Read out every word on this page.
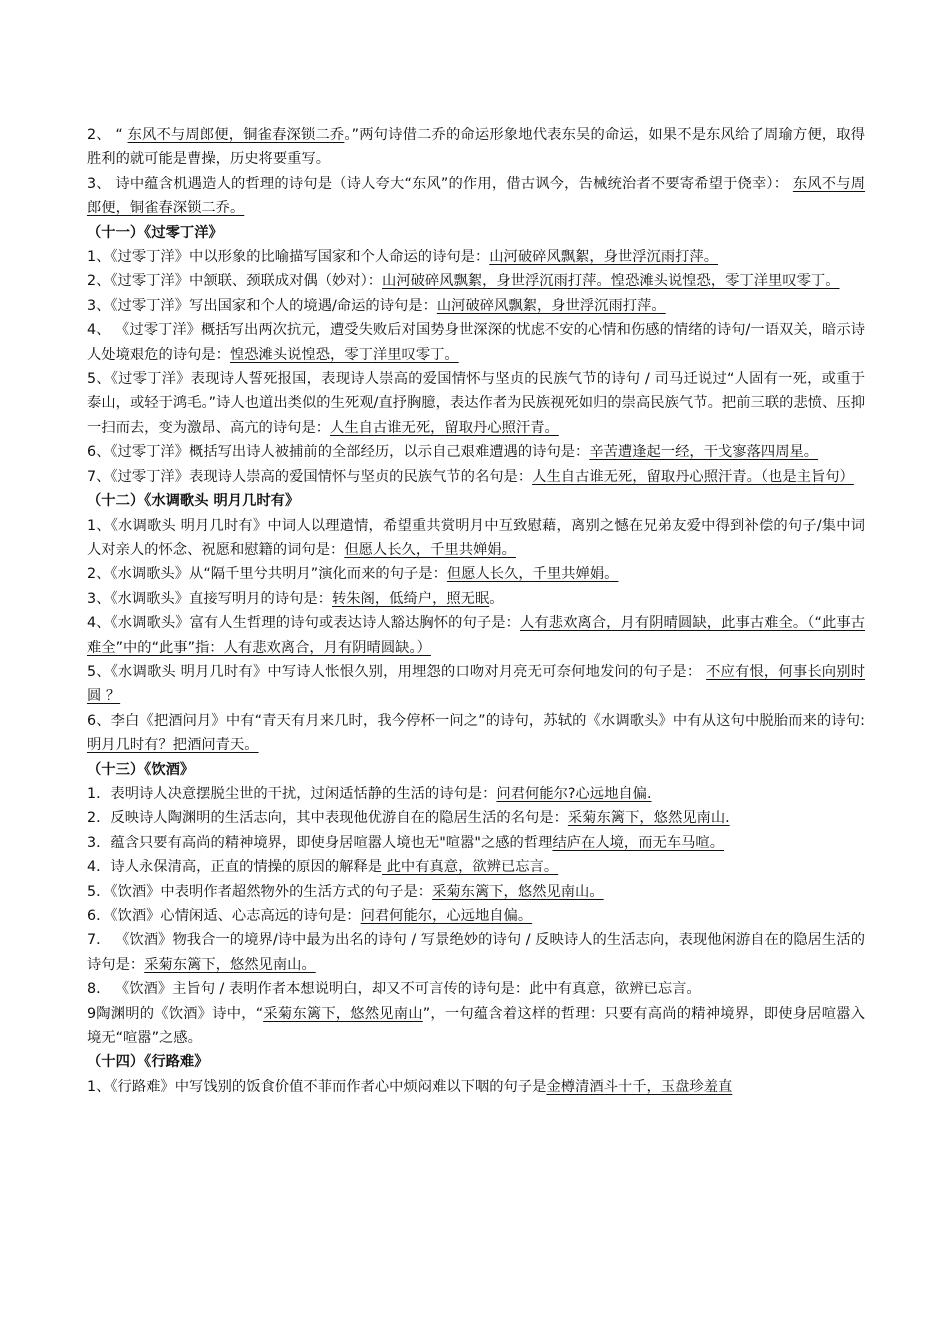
2、 “ 东风不与周郎便，铜雀春深锁二乔。”两句诗借二乔的命运形象地代表东吴的命运，如果不是东风给了周瑜方便，取得胜利的就可能是曹操，历史将要重写。

3、 诗中蕴含机遇造人的哲理的诗句是（诗人夸大“东风”的作用，借古讽今，告械统治者不要寄希望于侥幸）： 东风不与周郎便，铜雀春深锁二乔。

（十一）《过零丁洋》

1、《过零丁洋》中以形象的比喻描写国家和个人命运的诗句是：山河破碎风飘絮，身世浮沉雨打萍。

2、《过零丁洋》中颔联、颈联成对偶（妙对）：山河破碎风飘絮，身世浮沉雨打萍。惶恐滩头说惶恐，零丁洋里叹零丁。

3、《过零丁洋》写出国家和个人的境遇/命运的诗句是：山河破碎风飘絮，身世浮沉雨打萍。

4、 《过零丁洋》概括写出两次抗元，遭受失败后对国势身世深深的忧虑不安的心情和伤感的情绪的诗句/一语双关，暗示诗人处境艰危的诗句是：惶恐滩头说惶恐，零丁洋里叹零丁。

5、《过零丁洋》表现诗人誓死报国，表现诗人崇高的爱国情怀与坚贞的民族气节的诗句 / 司马迁说过“人固有一死，或重于泰山，或轻于鸿毛。”诗人也道出类似的生死观/直抒胸臆，表达作者为民族视死如归的崇高民族气节。把前三联的悲愤、压抑一扫而去，变为激昂、高亢的诗句是：人生自古谁无死，留取丹心照汗青。

6、《过零丁洋》概括写出诗人被捕前的全部经历，以示自己艰难遭遇的诗句是：辛苦遭逢起一经，干戈寥落四周星。

7、《过零丁洋》表现诗人崇高的爱国情怀与坚贞的民族气节的名句是：人生自古谁无死，留取丹心照汗青。（也是主旨句）

（十二）《水调歌头 明月几时有》

1、《水调歌头 明月几时有》中词人以理遣情，希望重共赏明月中互致慰藉，离别之憾在兄弟友爱中得到补偿的句子/集中词人对亲人的怀念、祝愿和慰籍的词句是：但愿人长久，千里共婵娟。

2、《水调歌头》从“隔千里兮共明月”演化而来的句子是：但愿人长久，千里共婵娟。

3、《水调歌头》直接写明月的诗句是：转朱阁，低绮户，照无眠。

4、《水调歌头》富有人生哲理的诗句或表达诗人豁达胸怀的句子是：人有悲欢离合，月有阴晴圆缺，此事古难全。（“此事古难全”中的“此事”指：人有悲欢离合，月有阴晴圆缺。）

5、《水调歌头 明月几时有》中写诗人怅恨久别，用埋怨的口吻对月亮无可奈何地发问的句子是： 不应有恨，何事长向别时圆 ？

6、李白《把酒问月》中有“青天有月来几时，我今停杯一问之”的诗句，苏轼的《水调歌头》中有从这句中脱胎而来的诗句:明月几时有？把酒问青天。

（十三）《饮酒》

1．表明诗人决意摆脱尘世的干扰，过闲适恬静的生活的诗句是：问君何能尔?心远地自偏.

2．反映诗人陶渊明的生活志向，其中表现他优游自在的隐居生活的名句是：采菊东篱下，悠然见南山.

3．蕴含只要有高尚的精神境界，即使身居喧嚣人境也无"喧嚣"之感的哲理结庐在人境，而无车马喧。

4．诗人永保清高，正直的情操的原因的解释是 此中有真意，欲辨已忘言。

5．《饮酒》中表明作者超然物外的生活方式的句子是：采菊东篱下，悠然见南山。

6．《饮酒》心情闲适、心志高远的诗句是：问君何能尔，心远地自偏。

7． 《饮酒》物我合一的境界/诗中最为出名的诗句 / 写景绝妙的诗句 / 反映诗人的生活志向，表现他闲游自在的隐居生活的诗句是：采菊东篱下，悠然见南山。

8． 《饮酒》主旨句 / 表明作者本想说明白，却又不可言传的诗句是：此中有真意，欲辨已忘言。

9陶渊明的《饮酒》诗中，“采菊东篱下，悠然见南山”，一句蕴含着这样的哲理：只要有高尚的精神境界，即使身居喧嚣入境无“喧嚣”之感。

（十四）《行路难》

1、《行路难》中写饯别的饭食价值不菲而作者心中烦闷难以下咽的句子是金樽清酒斗十千，玉盘珍羞直
